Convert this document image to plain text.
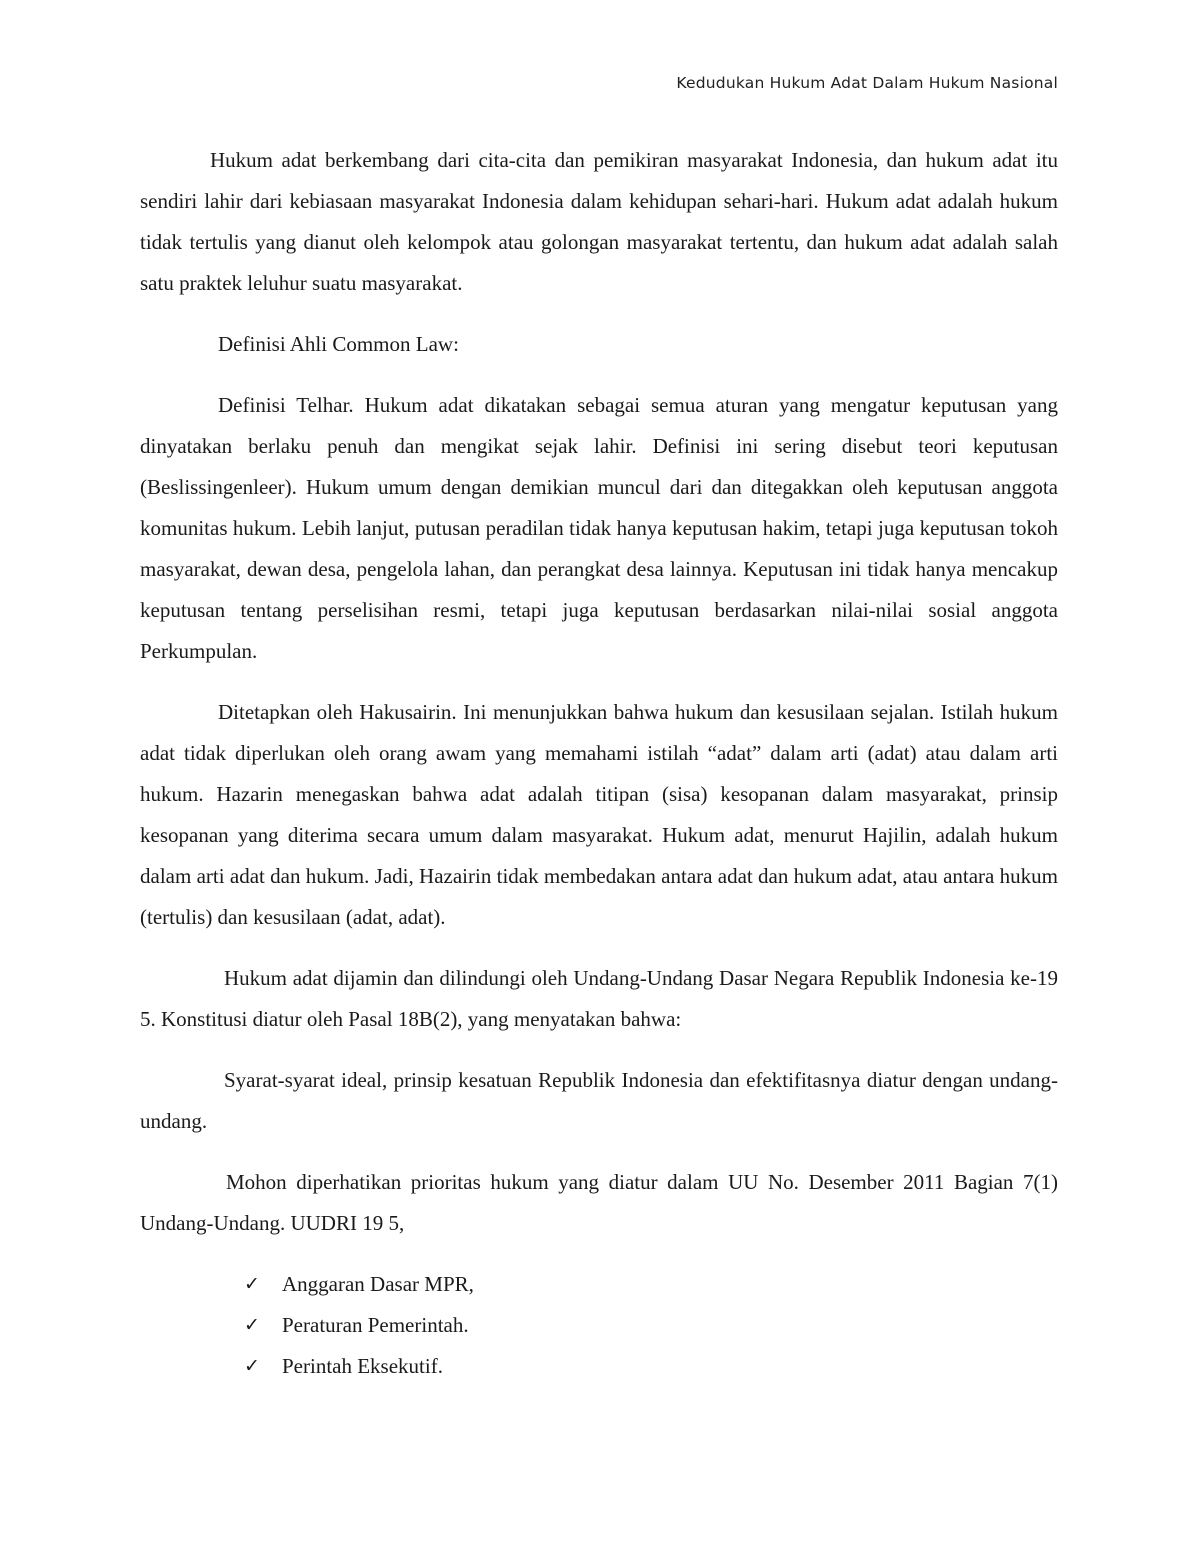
Kedudukan Hukum Adat Dalam Hukum Nasional

Hukum adat berkembang dari cita-cita dan pemikiran masyarakat Indonesia, dan hukum adat itu sendiri lahir dari kebiasaan masyarakat Indonesia dalam kehidupan sehari-hari. Hukum adat adalah hukum tidak tertulis yang dianut oleh kelompok atau golongan masyarakat tertentu, dan hukum adat adalah salah satu praktek leluhur suatu masyarakat.

Definisi Ahli Common Law:

Definisi Telhar. Hukum adat dikatakan sebagai semua aturan yang mengatur keputusan yang dinyatakan berlaku penuh dan mengikat sejak lahir. Definisi ini sering disebut teori keputusan (Beslissingenleer). Hukum umum dengan demikian muncul dari dan ditegakkan oleh keputusan anggota komunitas hukum. Lebih lanjut, putusan peradilan tidak hanya keputusan hakim, tetapi juga keputusan tokoh masyarakat, dewan desa, pengelola lahan, dan perangkat desa lainnya. Keputusan ini tidak hanya mencakup keputusan tentang perselisihan resmi, tetapi juga keputusan berdasarkan nilai-nilai sosial anggota Perkumpulan.

Ditetapkan oleh Hakusairin. Ini menunjukkan bahwa hukum dan kesusilaan sejalan. Istilah hukum adat tidak diperlukan oleh orang awam yang memahami istilah “adat” dalam arti (adat) atau dalam arti hukum. Hazarin menegaskan bahwa adat adalah titipan (sisa) kesopanan dalam masyarakat, prinsip kesopanan yang diterima secara umum dalam masyarakat. Hukum adat, menurut Hajilin, adalah hukum dalam arti adat dan hukum. Jadi, Hazairin tidak membedakan antara adat dan hukum adat, atau antara hukum (tertulis) dan kesusilaan (adat, adat).

Hukum adat dijamin dan dilindungi oleh Undang-Undang Dasar Negara Republik Indonesia ke-19 5. Konstitusi diatur oleh Pasal 18B(2), yang menyatakan bahwa:

Syarat-syarat ideal, prinsip kesatuan Republik Indonesia dan efektifitasnya diatur dengan undang-undang.

Mohon diperhatikan prioritas hukum yang diatur dalam UU No. Desember 2011 Bagian 7(1) Undang-Undang. UUDRI 19 5,

✓	Anggaran Dasar MPR,
✓	Peraturan Pemerintah.
✓	Perintah Eksekutif.
